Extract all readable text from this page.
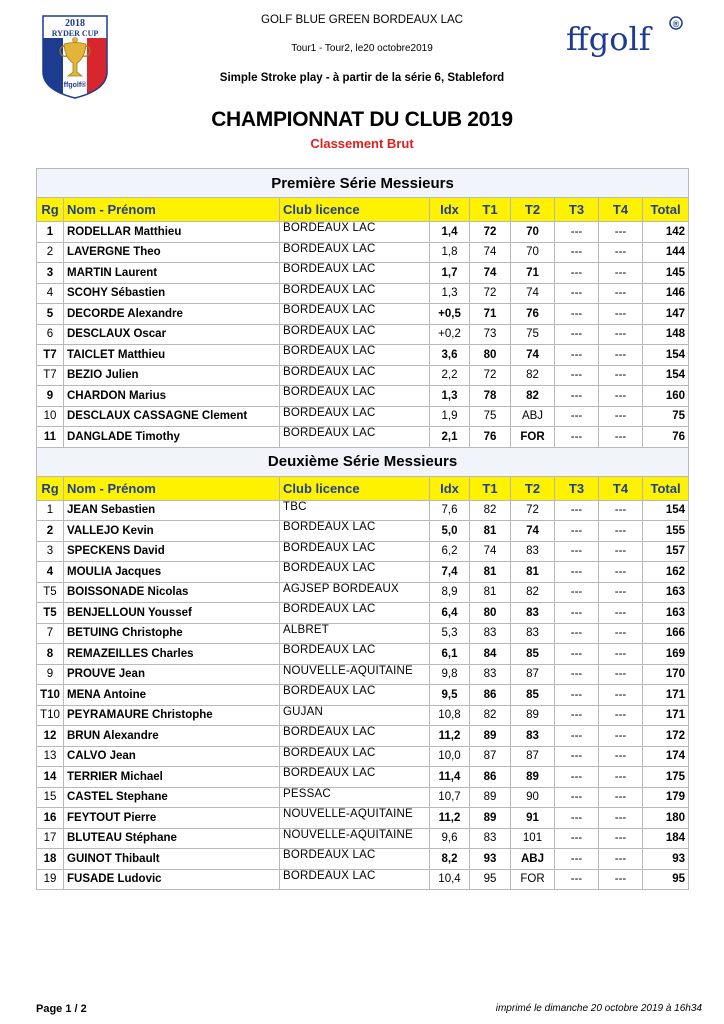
2018
RYDER CUP
ffgolf®
ffgolf ®
GOLF BLUE GREEN BORDEAUX LAC
Tour1 - Tour2, le20 octobre2019
Simple Stroke play - à partir de la série 6, Stableford
CHAMPIONNAT DU CLUB 2019
Classement Brut
Première Série Messieurs								
Rg	Nom - Prénom	Club licence	Idx	T1	T2	T3	T4	Total
1	RODELLAR Matthieu	BORDEAUX LAC	1,4	72	70	---	---	142
2	LAVERGNE Theo	BORDEAUX LAC	1,8	74	70	---	---	144
3	MARTIN Laurent	BORDEAUX LAC	1,7	74	71	---	---	145
4	SCOHY Sébastien	BORDEAUX LAC	1,3	72	74	---	---	146
5	DECORDE Alexandre	BORDEAUX LAC	+0,5	71	76	---	---	147
6	DESCLAUX Oscar	BORDEAUX LAC	+0,2	73	75	---	---	148
T7	TAICLET Matthieu	BORDEAUX LAC	3,6	80	74	---	---	154
T7	BEZIO Julien	BORDEAUX LAC	2,2	72	82	---	---	154
9	CHARDON Marius	BORDEAUX LAC	1,3	78	82	---	---	160
10	DESCLAUX CASSAGNE Clement	BORDEAUX LAC	1,9	75	ABJ	---	---	75
11	DANGLADE Timothy	BORDEAUX LAC	2,1	76	FOR	---	---	76
Deuxième Série Messieurs								
Rg	Nom - Prénom	Club licence	Idx	T1	T2	T3	T4	Total
1	JEAN Sebastien	TBC	7,6	82	72	---	---	154
2	VALLEJO Kevin	BORDEAUX LAC	5,0	81	74	---	---	155
3	SPECKENS David	BORDEAUX LAC	6,2	74	83	---	---	157
4	MOULIA Jacques	BORDEAUX LAC	7,4	81	81	---	---	162
T5	BOISSONADE Nicolas	AGJSEP BORDEAUX	8,9	81	82	---	---	163
T5	BENJELLOUN Youssef	BORDEAUX LAC	6,4	80	83	---	---	163
7	BETUING Christophe	ALBRET	5,3	83	83	---	---	166
8	REMAZEILLES Charles	BORDEAUX LAC	6,1	84	85	---	---	169
9	PROUVE Jean	NOUVELLE-AQUITAINE	9,8	83	87	---	---	170
T10	MENA Antoine	BORDEAUX LAC	9,5	86	85	---	---	171
T10	PEYRAMAURE Christophe	GUJAN	10,8	82	89	---	---	171
12	BRUN Alexandre	BORDEAUX LAC	11,2	89	83	---	---	172
13	CALVO Jean	BORDEAUX LAC	10,0	87	87	---	---	174
14	TERRIER Michael	BORDEAUX LAC	11,4	86	89	---	---	175
15	CASTEL Stephane	PESSAC	10,7	89	90	---	---	179
16	FEYTOUT Pierre	NOUVELLE-AQUITAINE	11,2	89	91	---	---	180
17	BLUTEAU Stéphane	NOUVELLE-AQUITAINE	9,6	83	101	---	---	184
18	GUINOT Thibault	BORDEAUX LAC	8,2	93	ABJ	---	---	93
19	FUSADE Ludovic	BORDEAUX LAC	10,4	95	FOR	---	---	95
Page 1 / 2	imprimé le dimanche 20 octobre 2019 à 16h34
